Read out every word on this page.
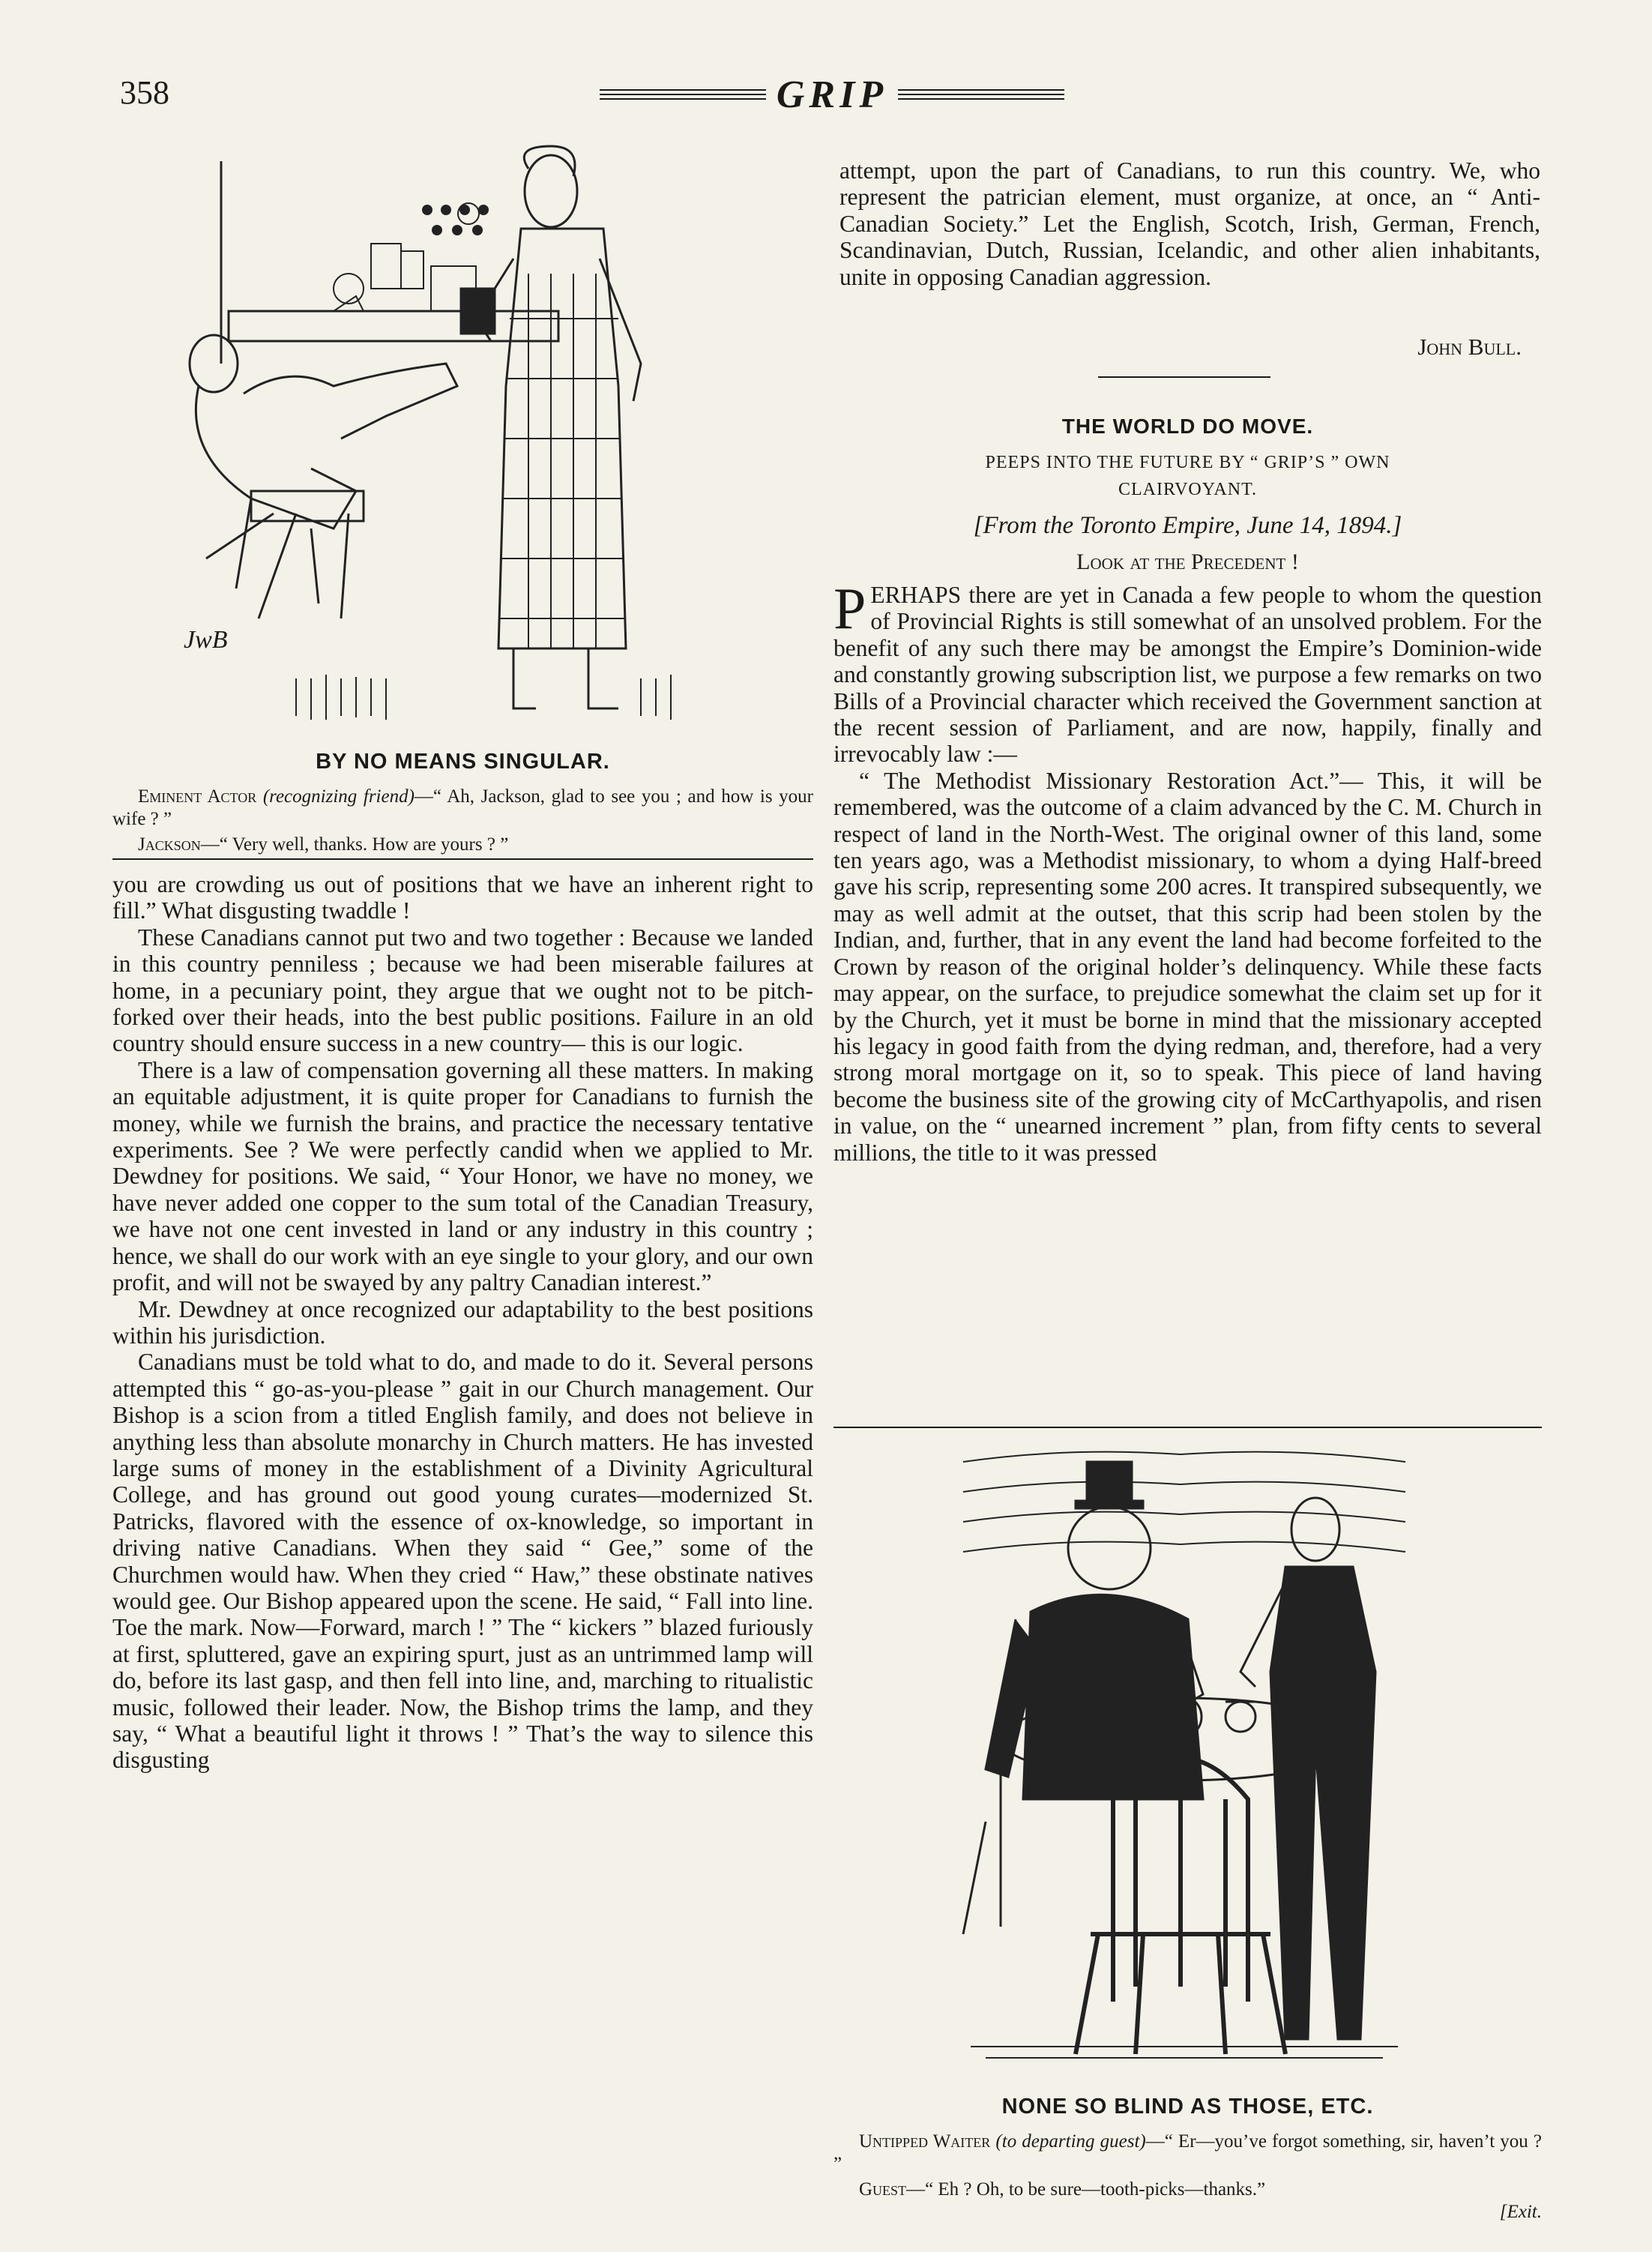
358	GRIP
JwB
BY NO MEANS SINGULAR.
Eminent Actor (recognizing friend)—“ Ah, Jackson, glad to see you ; and how is your wife ? ”
Jackson—“ Very well, thanks. How are yours ? ”

you are crowding us out of positions that we have an inherent right to fill.” What disgusting twaddle !

These Canadians cannot put two and two together : Because we landed in this country penniless ; because we had been miserable failures at home, in a pecuniary point, they argue that we ought not to be pitch-forked over their heads, into the best public positions. Failure in an old country should ensure success in a new country— this is our logic.

There is a law of compensation governing all these matters. In making an equitable adjustment, it is quite proper for Canadians to furnish the money, while we furnish the brains, and practice the necessary tentative experiments. See ? We were perfectly candid when we applied to Mr. Dewdney for positions. We said, “ Your Honor, we have no money, we have never added one copper to the sum total of the Canadian Treasury, we have not one cent invested in land or any industry in this country ; hence, we shall do our work with an eye single to your glory, and our own profit, and will not be swayed by any paltry Canadian interest.”

Mr. Dewdney at once recognized our adaptability to the best positions within his jurisdiction.

Canadians must be told what to do, and made to do it. Several persons attempted this “ go-as-you-please ” gait in our Church management. Our Bishop is a scion from a titled English family, and does not believe in anything less than absolute monarchy in Church matters. He has invested large sums of money in the establishment of a Divinity Agricultural College, and has ground out good young curates—modernized St. Patricks, flavored with the essence of ox-knowledge, so important in driving native Canadians. When they said “ Gee,” some of the Churchmen would haw. When they cried “ Haw,” these obstinate natives would gee. Our Bishop appeared upon the scene. He said, “ Fall into line. Toe the mark. Now—Forward, march ! ” The “ kickers ” blazed furiously at first, spluttered, gave an expiring spurt, just as an untrimmed lamp will do, before its last gasp, and then fell into line, and, marching to ritualistic music, followed their leader. Now, the Bishop trims the lamp, and they say, “ What a beautiful light it throws ! ” That’s the way to silence this disgusting

attempt, upon the part of Canadians, to run this country. We, who represent the patrician element, must organize, at once, an “ Anti-Canadian Society.” Let the English, Scotch, Irish, German, French, Scandinavian, Dutch, Russian, Icelandic, and other alien inhabitants, unite in opposing Canadian aggression.

John Bull.
THE WORLD DO MOVE.
PEEPS INTO THE FUTURE BY “ GRIP’S ” OWN
CLAIRVOYANT.
[From the Toronto Empire, June 14, 1894.]
Look at the Precedent !

PERHAPS there are yet in Canada a few people to whom the question of Provincial Rights is still somewhat of an unsolved problem. For the benefit of any such there may be amongst the Empire’s Dominion-wide and constantly growing subscription list, we purpose a few remarks on two Bills of a Provincial character which received the Government sanction at the recent session of Parliament, and are now, happily, finally and irrevocably law :—

“ The Methodist Missionary Restoration Act.”— This, it will be remembered, was the outcome of a claim advanced by the C. M. Church in respect of land in the North-West. The original owner of this land, some ten years ago, was a Methodist missionary, to whom a dying Half-breed gave his scrip, representing some 200 acres. It transpired subsequently, we may as well admit at the outset, that this scrip had been stolen by the Indian, and, further, that in any event the land had become forfeited to the Crown by reason of the original holder’s delinquency. While these facts may appear, on the surface, to prejudice somewhat the claim set up for it by the Church, yet it must be borne in mind that the missionary accepted his legacy in good faith from the dying redman, and, therefore, had a very strong moral mortgage on it, so to speak. This piece of land having become the business site of the growing city of McCarthyapolis, and risen in value, on the “ unearned increment ” plan, from fifty cents to several millions, the title to it was pressed

NONE SO BLIND AS THOSE, ETC.
Untipped Waiter (to departing guest)—“ Er—you’ve forgot something, sir, haven’t you ? ”
Guest—“ Eh ? Oh, to be sure—tooth-picks—thanks.”
[Exit.
